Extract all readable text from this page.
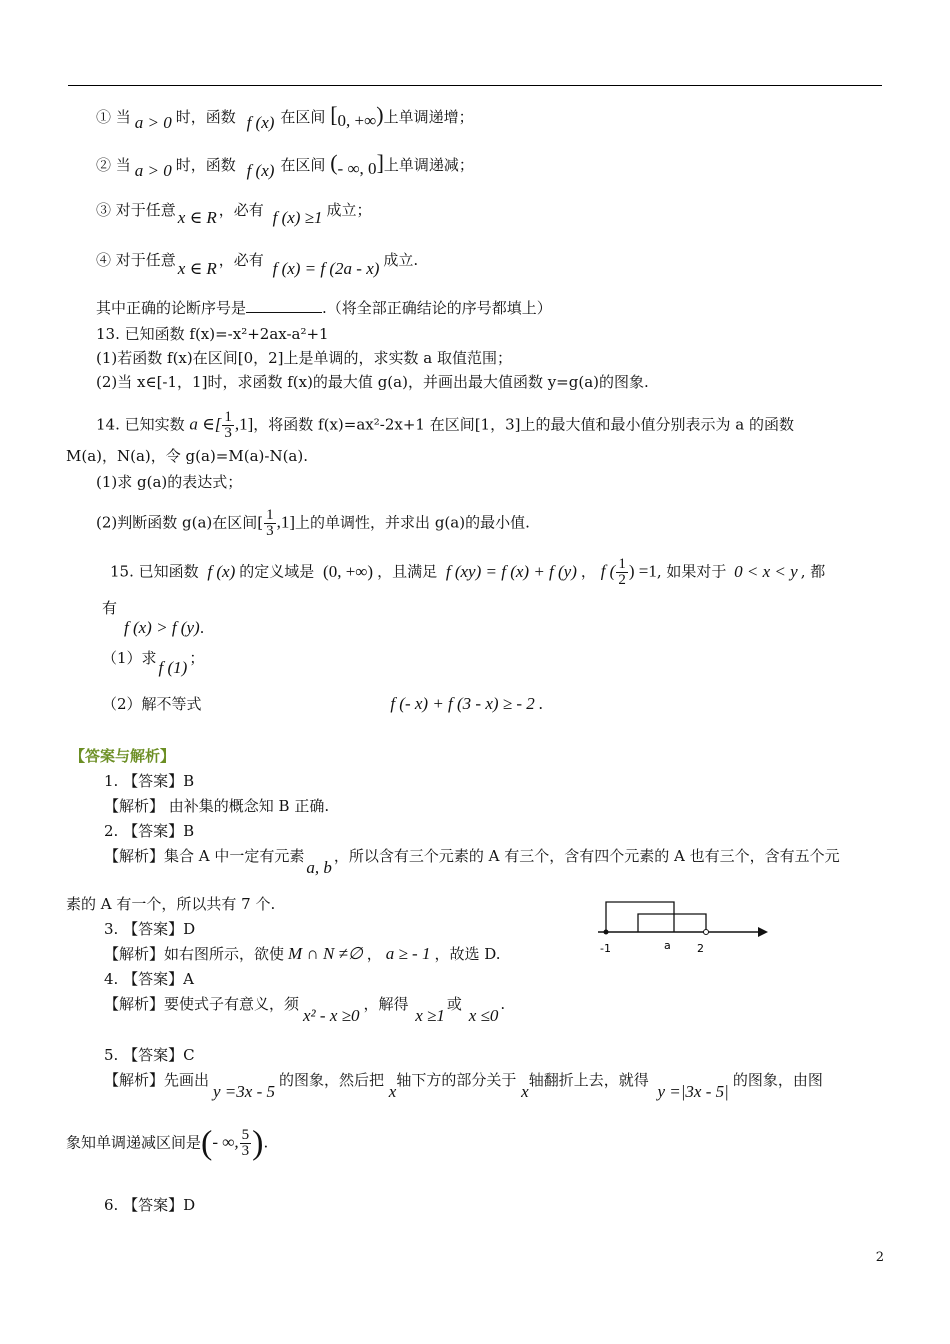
① 当 a > 0 时，函数 f (x) 在区间 [0, +∞)上单调递增；
② 当 a > 0 时，函数 f (x) 在区间 (- ∞, 0]上单调递减；
③ 对于任意 x ∈ R ，必有 f (x) ≥1 成立；
④ 对于任意 x ∈ R ，必有 f (x) = f (2a - x) 成立.
其中正确的论断序号是	.（将全部正确结论的序号都填上）
13. 已知函数 f(x)=-x²+2ax-a²+1
(1)若函数 f(x)在区间[0，2]上是单调的，求实数 a 取值范围；
(2)当 x∈[-1，1]时，求函数 f(x)的最大值 g(a)，并画出最大值函数 y=g(a)的图象.
14. 已知实数 a ∈[ $\frac{1}{3} ,1$]，将函数 f(x)=ax²-2x+1 在区间[1，3]上的最大值和最小值分别表示为 a 的函数
M(a)，N(a)，令 g(a)=M(a)-N(a).
(1)求 g(a)的表达式；
(2)判断函数 g(a)在区间[ $\frac{1}{3} ,1$]上的单调性，并求出 g(a)的最小值.
15. 已知函数 f (x) 的定义域是 (0, +∞) ，且满足 f (xy) = f (x) + f (y) ， f ( $\frac{1}{2}$ ) =1, 如果对于 0 < x < y , 都
有
f (x) > f (y).
（1）求 f (1) ；
（2）解不等式	f (- x) + f (3 - x) ≥ - 2 .
【答案与解析】
1. 【答案】B
【解析】 由补集的概念知 B 正确.
2. 【答案】B
【解析】集合 A 中一定有元素a, b，所以含有三个元素的 A 有三个，含有四个元素的 A 也有三个，含有五个元
素的 A 有一个，所以共有 7 个.
3. 【答案】D
【解析】如右图所示，欲使 M ∩ N ≠∅ ， a ≥ - 1 ，故选 D.
4. 【答案】A
【解析】要使式子有意义，须x² - x ≥0，解得 x ≥1或 x ≤0.
5. 【答案】C
【解析】先画出y =3x - 5的图象，然后把 x轴下方的部分关于 x轴翻折上去，就得 y =|3x - 5|的图象，由图
象知单调递减区间是(- ∞, $\frac{5}{3}$ ).
6. 【答案】D
-1	a 2
2
